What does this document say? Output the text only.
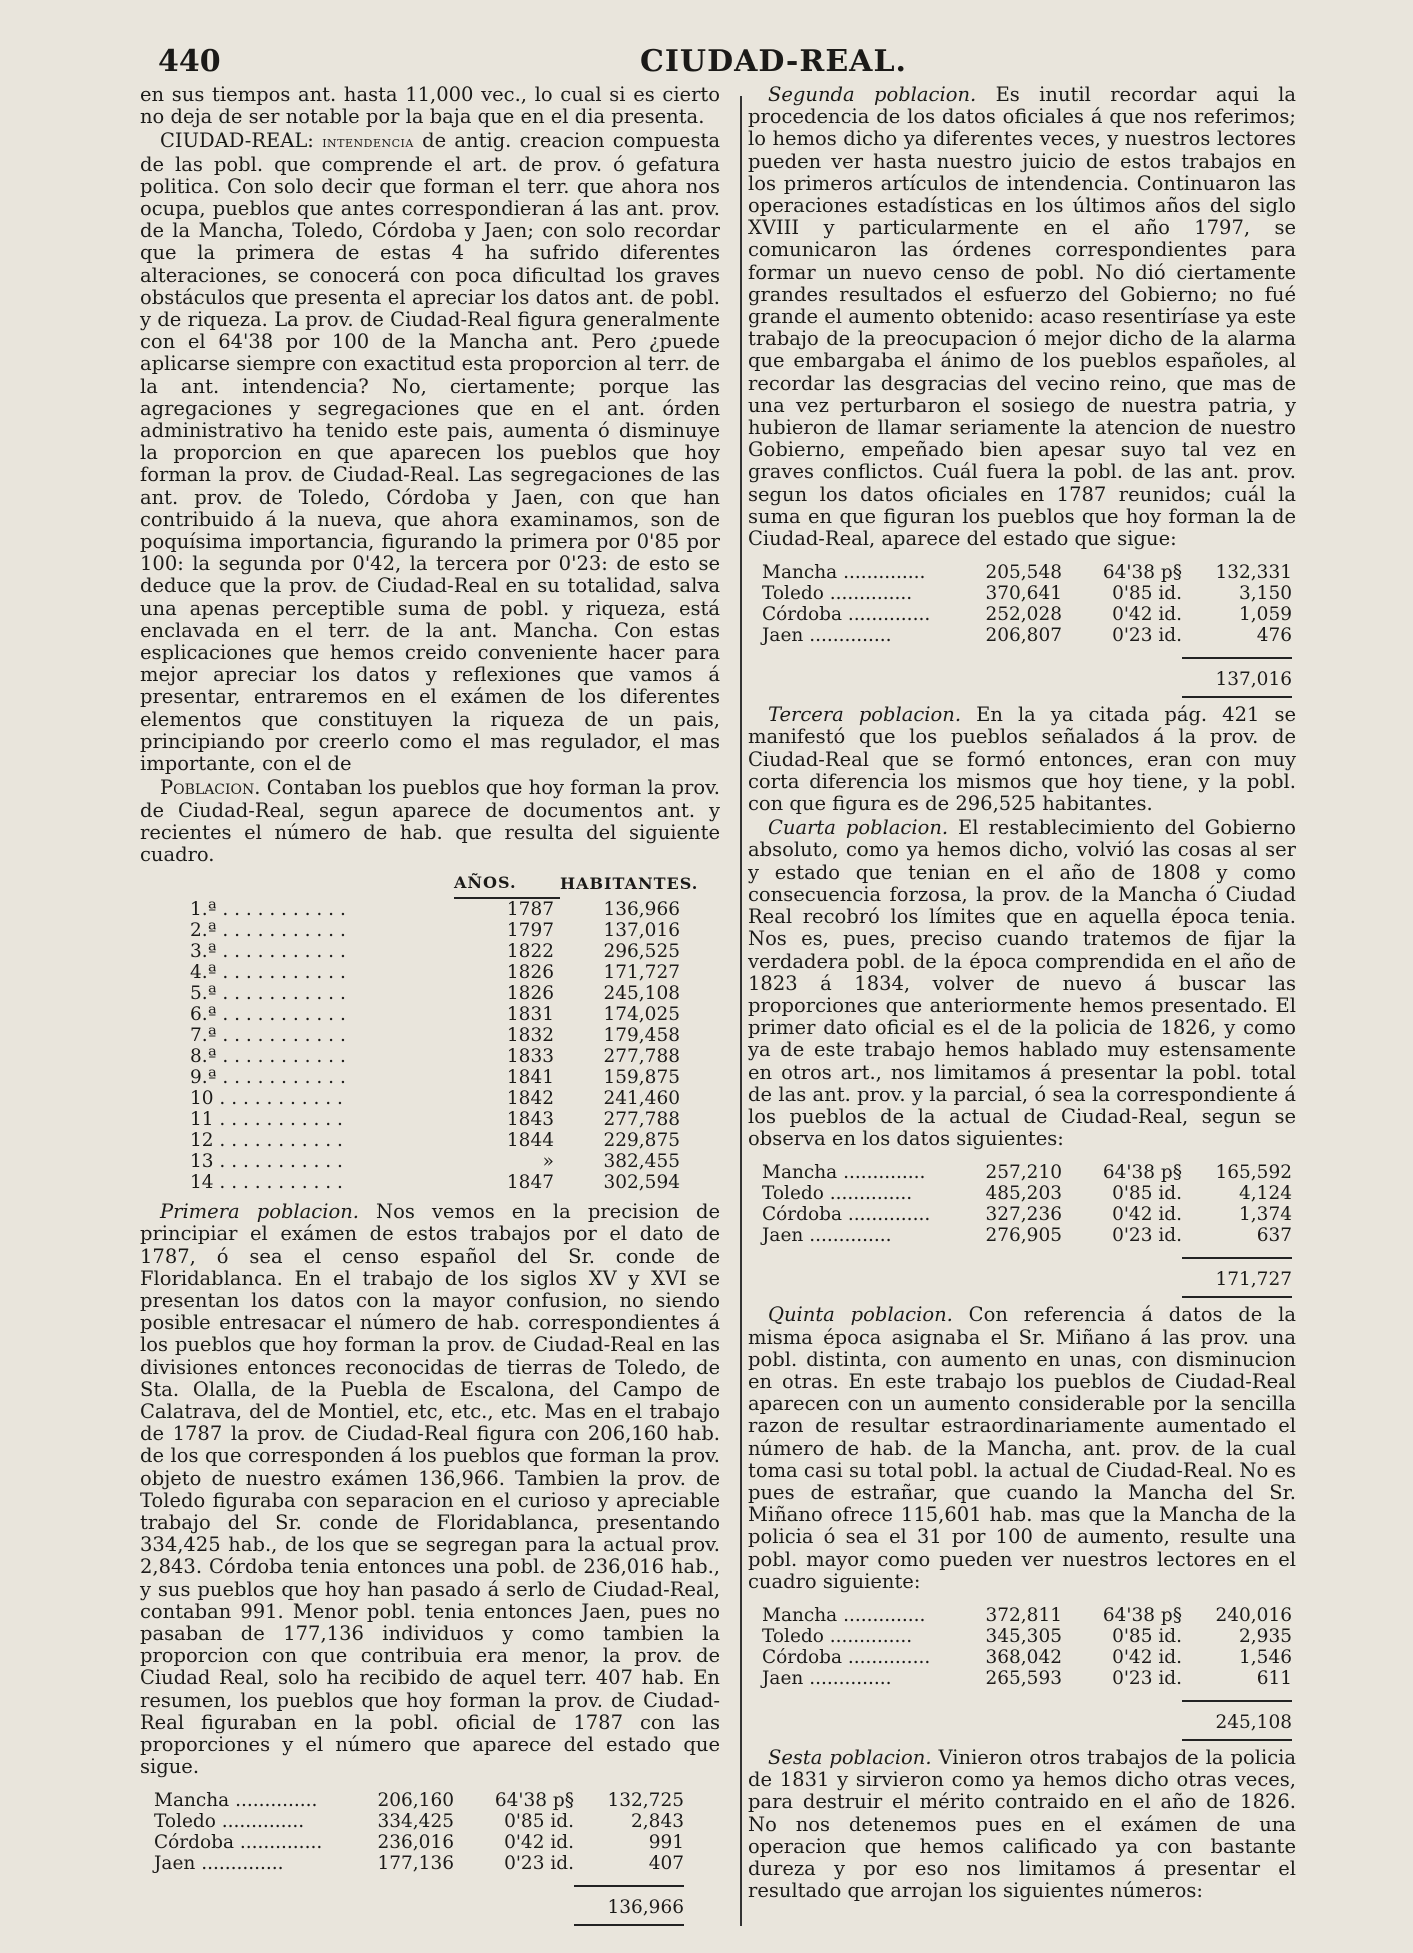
440	CIUDAD-REAL.

en sus tiempos ant. hasta 11,000 vec., lo cual si es cierto no deja de ser notable por la baja que en el dia presenta.

CIUDAD-REAL: intendencia de antig. creacion compuesta de las pobl. que comprende el art. de prov. ó gefatura politica. Con solo decir que forman el terr. que ahora nos ocupa, pueblos que antes correspondieran á las ant. prov. de la Mancha, Toledo, Córdoba y Jaen; con solo recordar que la primera de estas 4 ha sufrido diferentes alteraciones, se conocerá con poca dificultad los graves obstáculos que presenta el apreciar los datos ant. de pobl. y de riqueza. La prov. de Ciudad-Real figura generalmente con el 64'38 por 100 de la Mancha ant. Pero ¿puede aplicarse siempre con exactitud esta proporcion al terr. de la ant. intendencia? No, ciertamente; porque las agregaciones y segregaciones que en el ant. órden administrativo ha tenido este pais, aumenta ó disminuye la proporcion en que aparecen los pueblos que hoy forman la prov. de Ciudad-Real. Las segregaciones de las ant. prov. de Toledo, Córdoba y Jaen, con que han contribuido á la nueva, que ahora examinamos, son de poquísima importancia, figurando la primera por 0'85 por 100: la segunda por 0'42, la tercera por 0'23: de esto se deduce que la prov. de Ciudad-Real en su totalidad, salva una apenas perceptible suma de pobl. y riqueza, está enclavada en el terr. de la ant. Mancha. Con estas esplicaciones que hemos creido conveniente hacer para mejor apreciar los datos y reflexiones que vamos á presentar, entraremos en el exámen de los diferentes elementos que constituyen la riqueza de un pais, principiando por creerlo como el mas regulador, el mas importante, con el de

Poblacion. Contaban los pueblos que hoy forman la prov. de Ciudad-Real, segun aparece de documentos ant. y recientes el número de hab. que resulta del siguiente cuadro.

	AÑOS.	HABITANTES.
1.ª . . . . . . . . . . .	1787	136,966
2.ª . . . . . . . . . . .	1797	137,016
3.ª . . . . . . . . . . .	1822	296,525
4.ª . . . . . . . . . . .	1826	171,727
5.ª . . . . . . . . . . .	1826	245,108
6.ª . . . . . . . . . . .	1831	174,025
7.ª . . . . . . . . . . .	1832	179,458
8.ª . . . . . . . . . . .	1833	277,788
9.ª . . . . . . . . . . .	1841	159,875
10 . . . . . . . . . . .	1842	241,460
11 . . . . . . . . . . .	1843	277,788
12 . . . . . . . . . . .	1844	229,875
13 . . . . . . . . . . .	»	382,455
14 . . . . . . . . . . .	1847	302,594

Primera poblacion. Nos vemos en la precision de principiar el exámen de estos trabajos por el dato de 1787, ó sea el censo español del Sr. conde de Floridablanca. En el trabajo de los siglos XV y XVI se presentan los datos con la mayor confusion, no siendo posible entresacar el número de hab. correspondientes á los pueblos que hoy forman la prov. de Ciudad-Real en las divisiones entonces reconocidas de tierras de Toledo, de Sta. Olalla, de la Puebla de Escalona, del Campo de Calatrava, del de Montiel, etc, etc., etc. Mas en el trabajo de 1787 la prov. de Ciudad-Real figura con 206,160 hab. de los que corresponden á los pueblos que forman la prov. objeto de nuestro exámen 136,966. Tambien la prov. de Toledo figuraba con separacion en el curioso y apreciable trabajo del Sr. conde de Floridablanca, presentando 334,425 hab., de los que se segregan para la actual prov. 2,843. Córdoba tenia entonces una pobl. de 236,016 hab., y sus pueblos que hoy han pasado á serlo de Ciudad-Real, contaban 991. Menor pobl. tenia entonces Jaen, pues no pasaban de 177,136 individuos y como tambien la proporcion con que contribuia era menor, la prov. de Ciudad Real, solo ha recibido de aquel terr. 407 hab. En resumen, los pueblos que hoy forman la prov. de Ciudad-Real figuraban en la pobl. oficial de 1787 con las proporciones y el número que aparece del estado que sigue.

Mancha ..............	206,160	64'38 p§	132,725
Toledo ..............	334,425	0'85 id.	2,843
Córdoba ..............	236,016	0'42 id.	991
Jaen ..............	177,136	0'23 id.	407

			136,966

Segunda poblacion. Es inutil recordar aqui la procedencia de los datos oficiales á que nos referimos; lo hemos dicho ya diferentes veces, y nuestros lectores pueden ver hasta nuestro juicio de estos trabajos en los primeros artículos de intendencia. Continuaron las operaciones estadísticas en los últimos años del siglo XVIII y particularmente en el año 1797, se comunicaron las órdenes correspondientes para formar un nuevo censo de pobl. No dió ciertamente grandes resultados el esfuerzo del Gobierno; no fué grande el aumento obtenido: acaso resentiríase ya este trabajo de la preocupacion ó mejor dicho de la alarma que embargaba el ánimo de los pueblos españoles, al recordar las desgracias del vecino reino, que mas de una vez perturbaron el sosiego de nuestra patria, y hubieron de llamar seriamente la atencion de nuestro Gobierno, empeñado bien apesar suyo tal vez en graves conflictos. Cuál fuera la pobl. de las ant. prov. segun los datos oficiales en 1787 reunidos; cuál la suma en que figuran los pueblos que hoy forman la de Ciudad-Real, aparece del estado que sigue:

Mancha ..............	205,548	64'38 p§	132,331
Toledo ..............	370,641	0'85 id.	3,150
Córdoba ..............	252,028	0'42 id.	1,059
Jaen ..............	206,807	0'23 id.	476

			137,016

Tercera poblacion. En la ya citada pág. 421 se manifestó que los pueblos señalados á la prov. de Ciudad-Real que se formó entonces, eran con muy corta diferencia los mismos que hoy tiene, y la pobl. con que figura es de 296,525 habitantes.

Cuarta poblacion. El restablecimiento del Gobierno absoluto, como ya hemos dicho, volvió las cosas al ser y estado que tenian en el año de 1808 y como consecuencia forzosa, la prov. de la Mancha ó Ciudad Real recobró los límites que en aquella época tenia. Nos es, pues, preciso cuando tratemos de fijar la verdadera pobl. de la época comprendida en el año de 1823 á 1834, volver de nuevo á buscar las proporciones que anteriormente hemos presentado. El primer dato oficial es el de la policia de 1826, y como ya de este trabajo hemos hablado muy estensamente en otros art., nos limitamos á presentar la pobl. total de las ant. prov. y la parcial, ó sea la correspondiente á los pueblos de la actual de Ciudad-Real, segun se observa en los datos siguientes:

Mancha ..............	257,210	64'38 p§	165,592
Toledo ..............	485,203	0'85 id.	4,124
Córdoba ..............	327,236	0'42 id.	1,374
Jaen ..............	276,905	0'23 id.	637

			171,727

Quinta poblacion. Con referencia á datos de la misma época asignaba el Sr. Miñano á las prov. una pobl. distinta, con aumento en unas, con disminucion en otras. En este trabajo los pueblos de Ciudad-Real aparecen con un aumento considerable por la sencilla razon de resultar estraordinariamente aumentado el número de hab. de la Mancha, ant. prov. de la cual toma casi su total pobl. la actual de Ciudad-Real. No es pues de estrañar, que cuando la Mancha del Sr. Miñano ofrece 115,601 hab. mas que la Mancha de la policia ó sea el 31 por 100 de aumento, resulte una pobl. mayor como pueden ver nuestros lectores en el cuadro siguiente:

Mancha ..............	372,811	64'38 p§	240,016
Toledo ..............	345,305	0'85 id.	2,935
Córdoba ..............	368,042	0'42 id.	1,546
Jaen ..............	265,593	0'23 id.	611

			245,108

Sesta poblacion. Vinieron otros trabajos de la policia de 1831 y sirvieron como ya hemos dicho otras veces, para destruir el mérito contraido en el año de 1826. No nos detenemos pues en el exámen de una operacion que hemos calificado ya con bastante dureza y por eso nos limitamos á presentar el resultado que arrojan los siguientes números:
